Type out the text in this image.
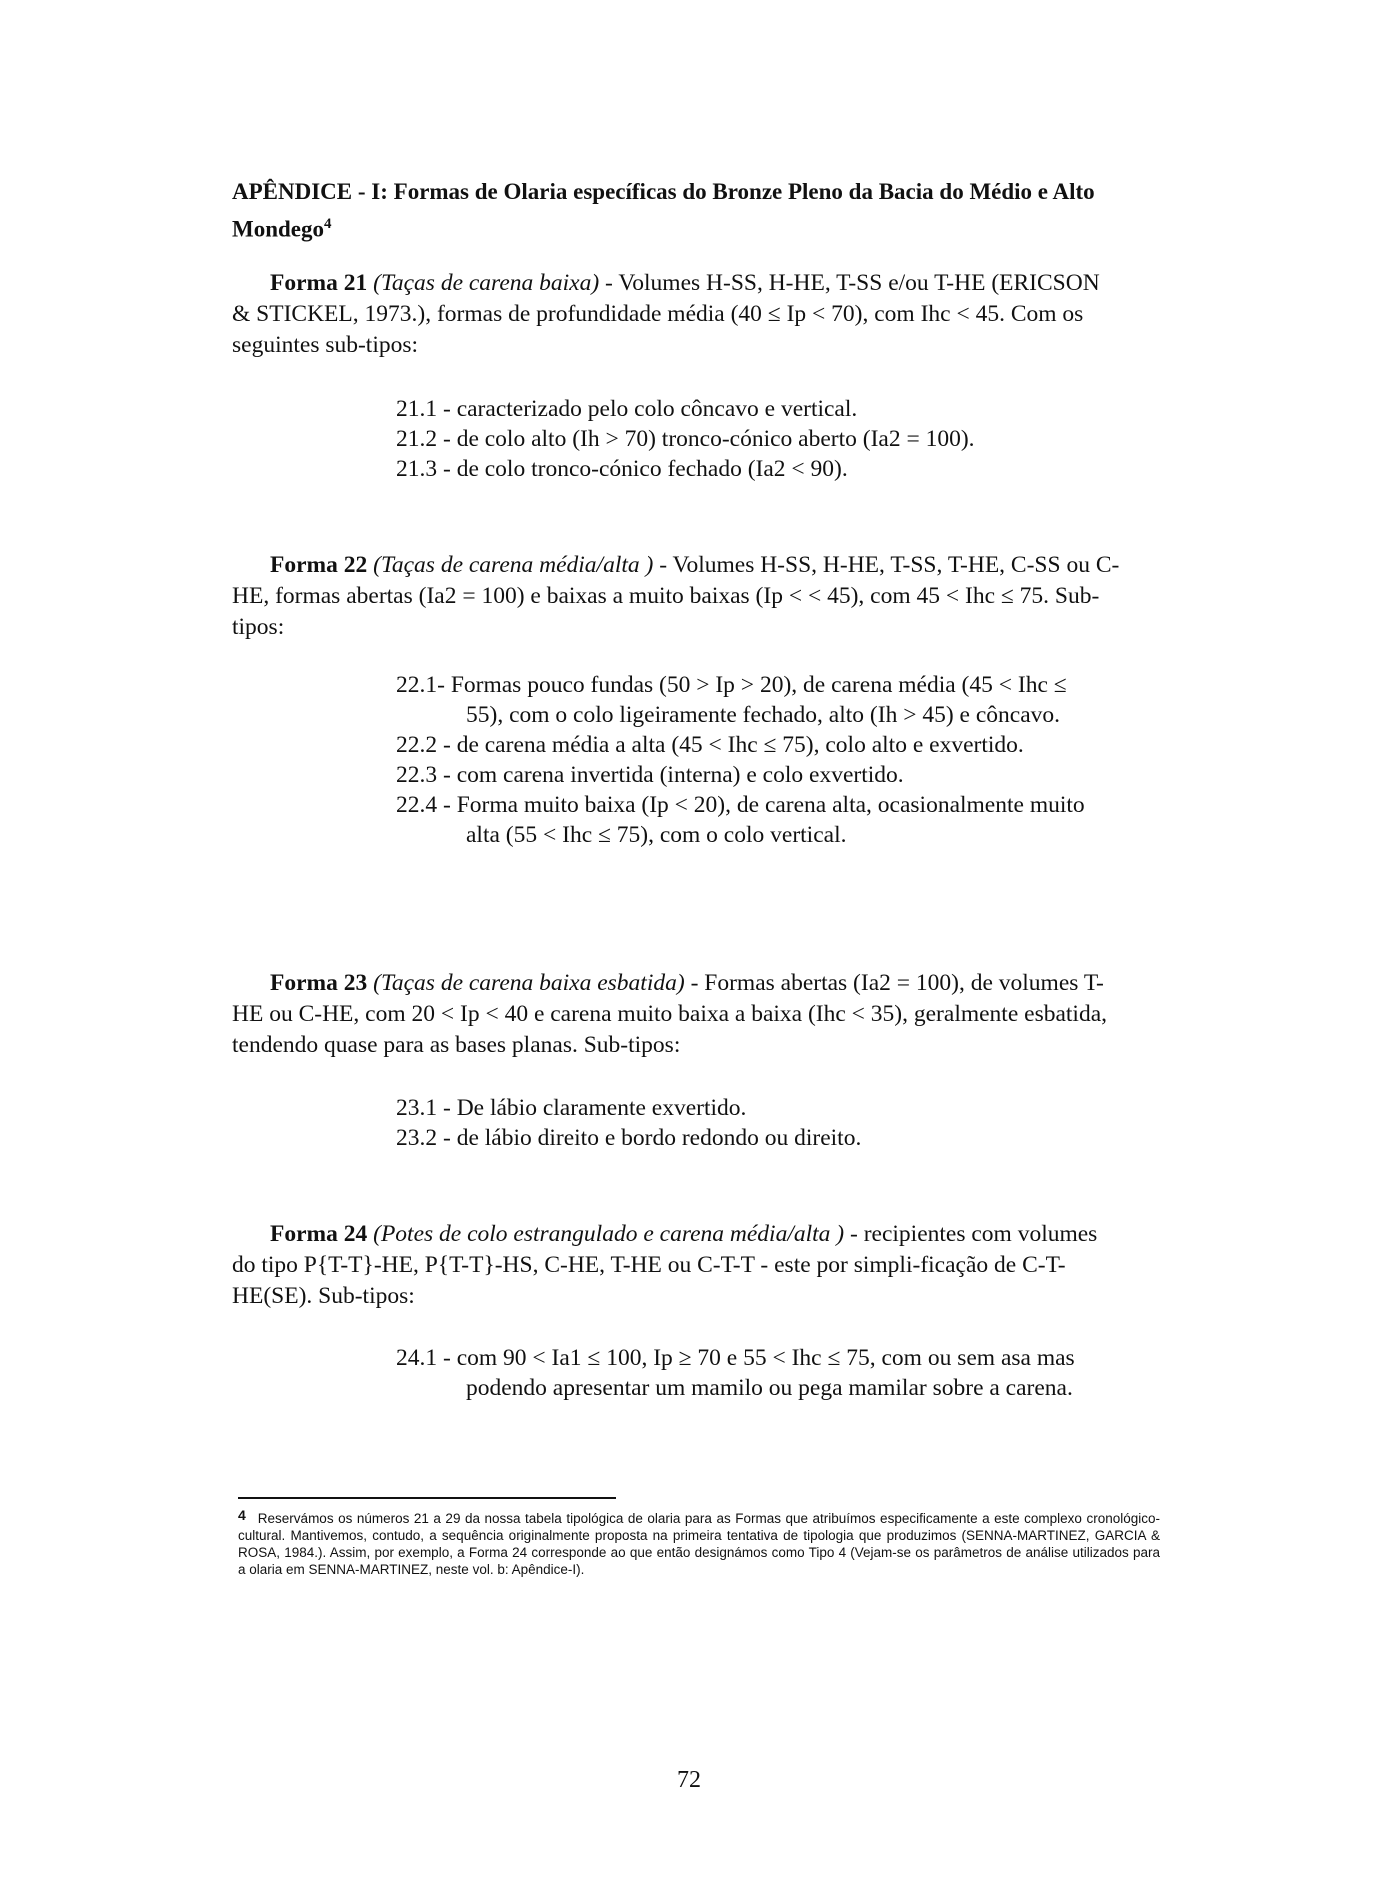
APÊNDICE - I: Formas de Olaria específicas do Bronze Pleno da Bacia do Médio e Alto Mondego$^4$

Forma 21 (Taças de carena baixa) - Volumes H-SS, H-HE, T-SS e/ou T-HE (ERICSON & STICKEL, 1973.), formas de profundidade média (40 ≤ Ip < 70), com Ihc < 45. Com os seguintes sub-tipos:

21.1 - caracterizado pelo colo côncavo e vertical.
21.2 - de colo alto (Ih > 70) tronco-cónico aberto (Ia2 = 100).
21.3 - de colo tronco-cónico fechado (Ia2 < 90).

Forma 22 (Taças de carena média/alta ) - Volumes H-SS, H-HE, T-SS, T-HE, C-SS ou C-HE, formas abertas (Ia2 = 100) e baixas a muito baixas (Ip < < 45), com 45 < Ihc ≤ 75. Sub-tipos:

22.1- Formas pouco fundas (50 > Ip > 20), de carena média (45 < Ihc ≤ 55), com o colo ligeiramente fechado, alto (Ih > 45) e côncavo.
22.2 - de carena média a alta (45 < Ihc ≤ 75), colo alto e exvertido.
22.3 - com carena invertida (interna) e colo exvertido.
22.4 - Forma muito baixa (Ip < 20), de carena alta, ocasionalmente muito alta (55 < Ihc ≤ 75), com o colo vertical.

Forma 23 (Taças de carena baixa esbatida) - Formas abertas (Ia2 = 100), de volumes T-HE ou C-HE, com 20 < Ip < 40 e carena muito baixa a baixa (Ihc < 35), geralmente esbatida, tendendo quase para as bases planas. Sub-tipos:

23.1 - De lábio claramente exvertido.
23.2 - de lábio direito e bordo redondo ou direito.

Forma 24 (Potes de colo estrangulado e carena média/alta ) - recipientes com volumes do tipo P{T-T}-HE, P{T-T}-HS, C-HE, T-HE ou C-T-T - este por simpli-ficação de C-T-HE(SE). Sub-tipos:

24.1 - com 90 < Ia1 ≤ 100, Ip ≥ 70 e 55 < Ihc ≤ 75, com ou sem asa mas podendo apresentar um mamilo ou pega mamilar sobre a carena.
4 Reservámos os números 21 a 29 da nossa tabela tipológica de olaria para as Formas que atribuímos especificamente a este complexo cronológico-cultural. Mantivemos, contudo, a sequência originalmente proposta na primeira tentativa de tipologia que produzimos (SENNA-MARTINEZ, GARCIA & ROSA, 1984.). Assim, por exemplo, a Forma 24 corresponde ao que então designámos como Tipo 4 (Vejam-se os parâmetros de análise utilizados para a olaria em SENNA-MARTINEZ, neste vol. b: Apêndice-I).
72
